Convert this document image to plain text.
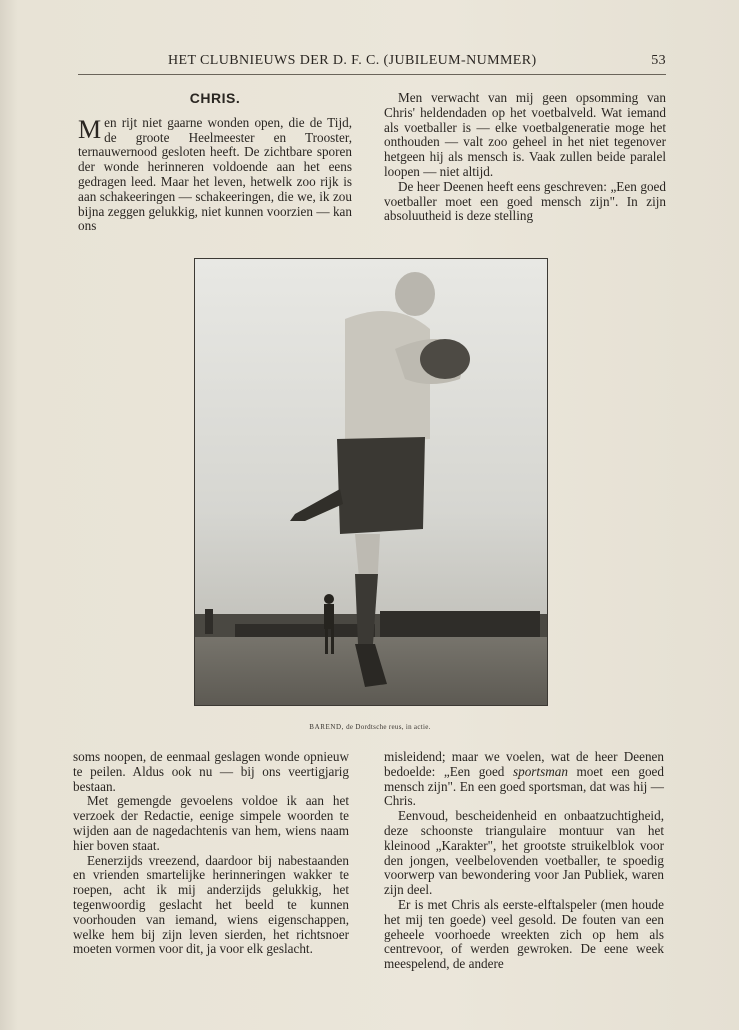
HET CLUBNIEUWS DER D. F. C. (JUBILEUM-NUMMER)	53
CHRIS.

Men rijt niet gaarne wonden open, die de Tijd, de groote Heelmeester en Trooster, ternauwernood gesloten heeft. De zichtbare sporen der wonde herinneren voldoende aan het eens gedragen leed. Maar het leven, hetwelk zoo rijk is aan schakeeringen — schakeeringen, die we, ik zou bijna zeggen gelukkig, niet kunnen voorzien — kan ons

Men verwacht van mij geen opsomming van Chris' heldendaden op het voetbalveld. Wat iemand als voetballer is — elke voetbalgeneratie moge het onthouden — valt zoo geheel in het niet tegenover hetgeen hij als mensch is. Vaak zullen beide paralel loopen — niet altijd.

De heer Deenen heeft eens geschreven: „Een goed voetballer moet een goed mensch zijn". In zijn absoluutheid is deze stelling

BAREND, de Dordtsche reus, in actie.

soms noopen, de eenmaal geslagen wonde opnieuw te peilen. Aldus ook nu — bij ons veertigjarig bestaan.

Met gemengde gevoelens voldoe ik aan het verzoek der Redactie, eenige simpele woorden te wijden aan de nagedachtenis van hem, wiens naam hier boven staat.

Eenerzijds vreezend, daardoor bij nabestaanden en vrienden smartelijke herinneringen wakker te roepen, acht ik mij anderzijds gelukkig, het tegenwoordig geslacht het beeld te kunnen voorhouden van iemand, wiens eigenschappen, welke hem bij zijn leven sierden, het richtsnoer moeten vormen voor dit, ja voor elk geslacht.

misleidend; maar we voelen, wat de heer Deenen bedoelde: „Een goed sportsman moet een goed mensch zijn". En een goed sportsman, dat was hij — Chris.

Eenvoud, bescheidenheid en onbaatzuchtigheid, deze schoonste triangulaire montuur van het kleinood „Karakter", het grootste struikelblok voor den jongen, veelbelovenden voetballer, te spoedig voorwerp van bewondering voor Jan Publiek, waren zijn deel.

Er is met Chris als eerste-elftalspeler (men houde het mij ten goede) veel gesold. De fouten van een geheele voorhoede wreekten zich op hem als centrevoor, of werden gewroken. De eene week meespelend, de andere
